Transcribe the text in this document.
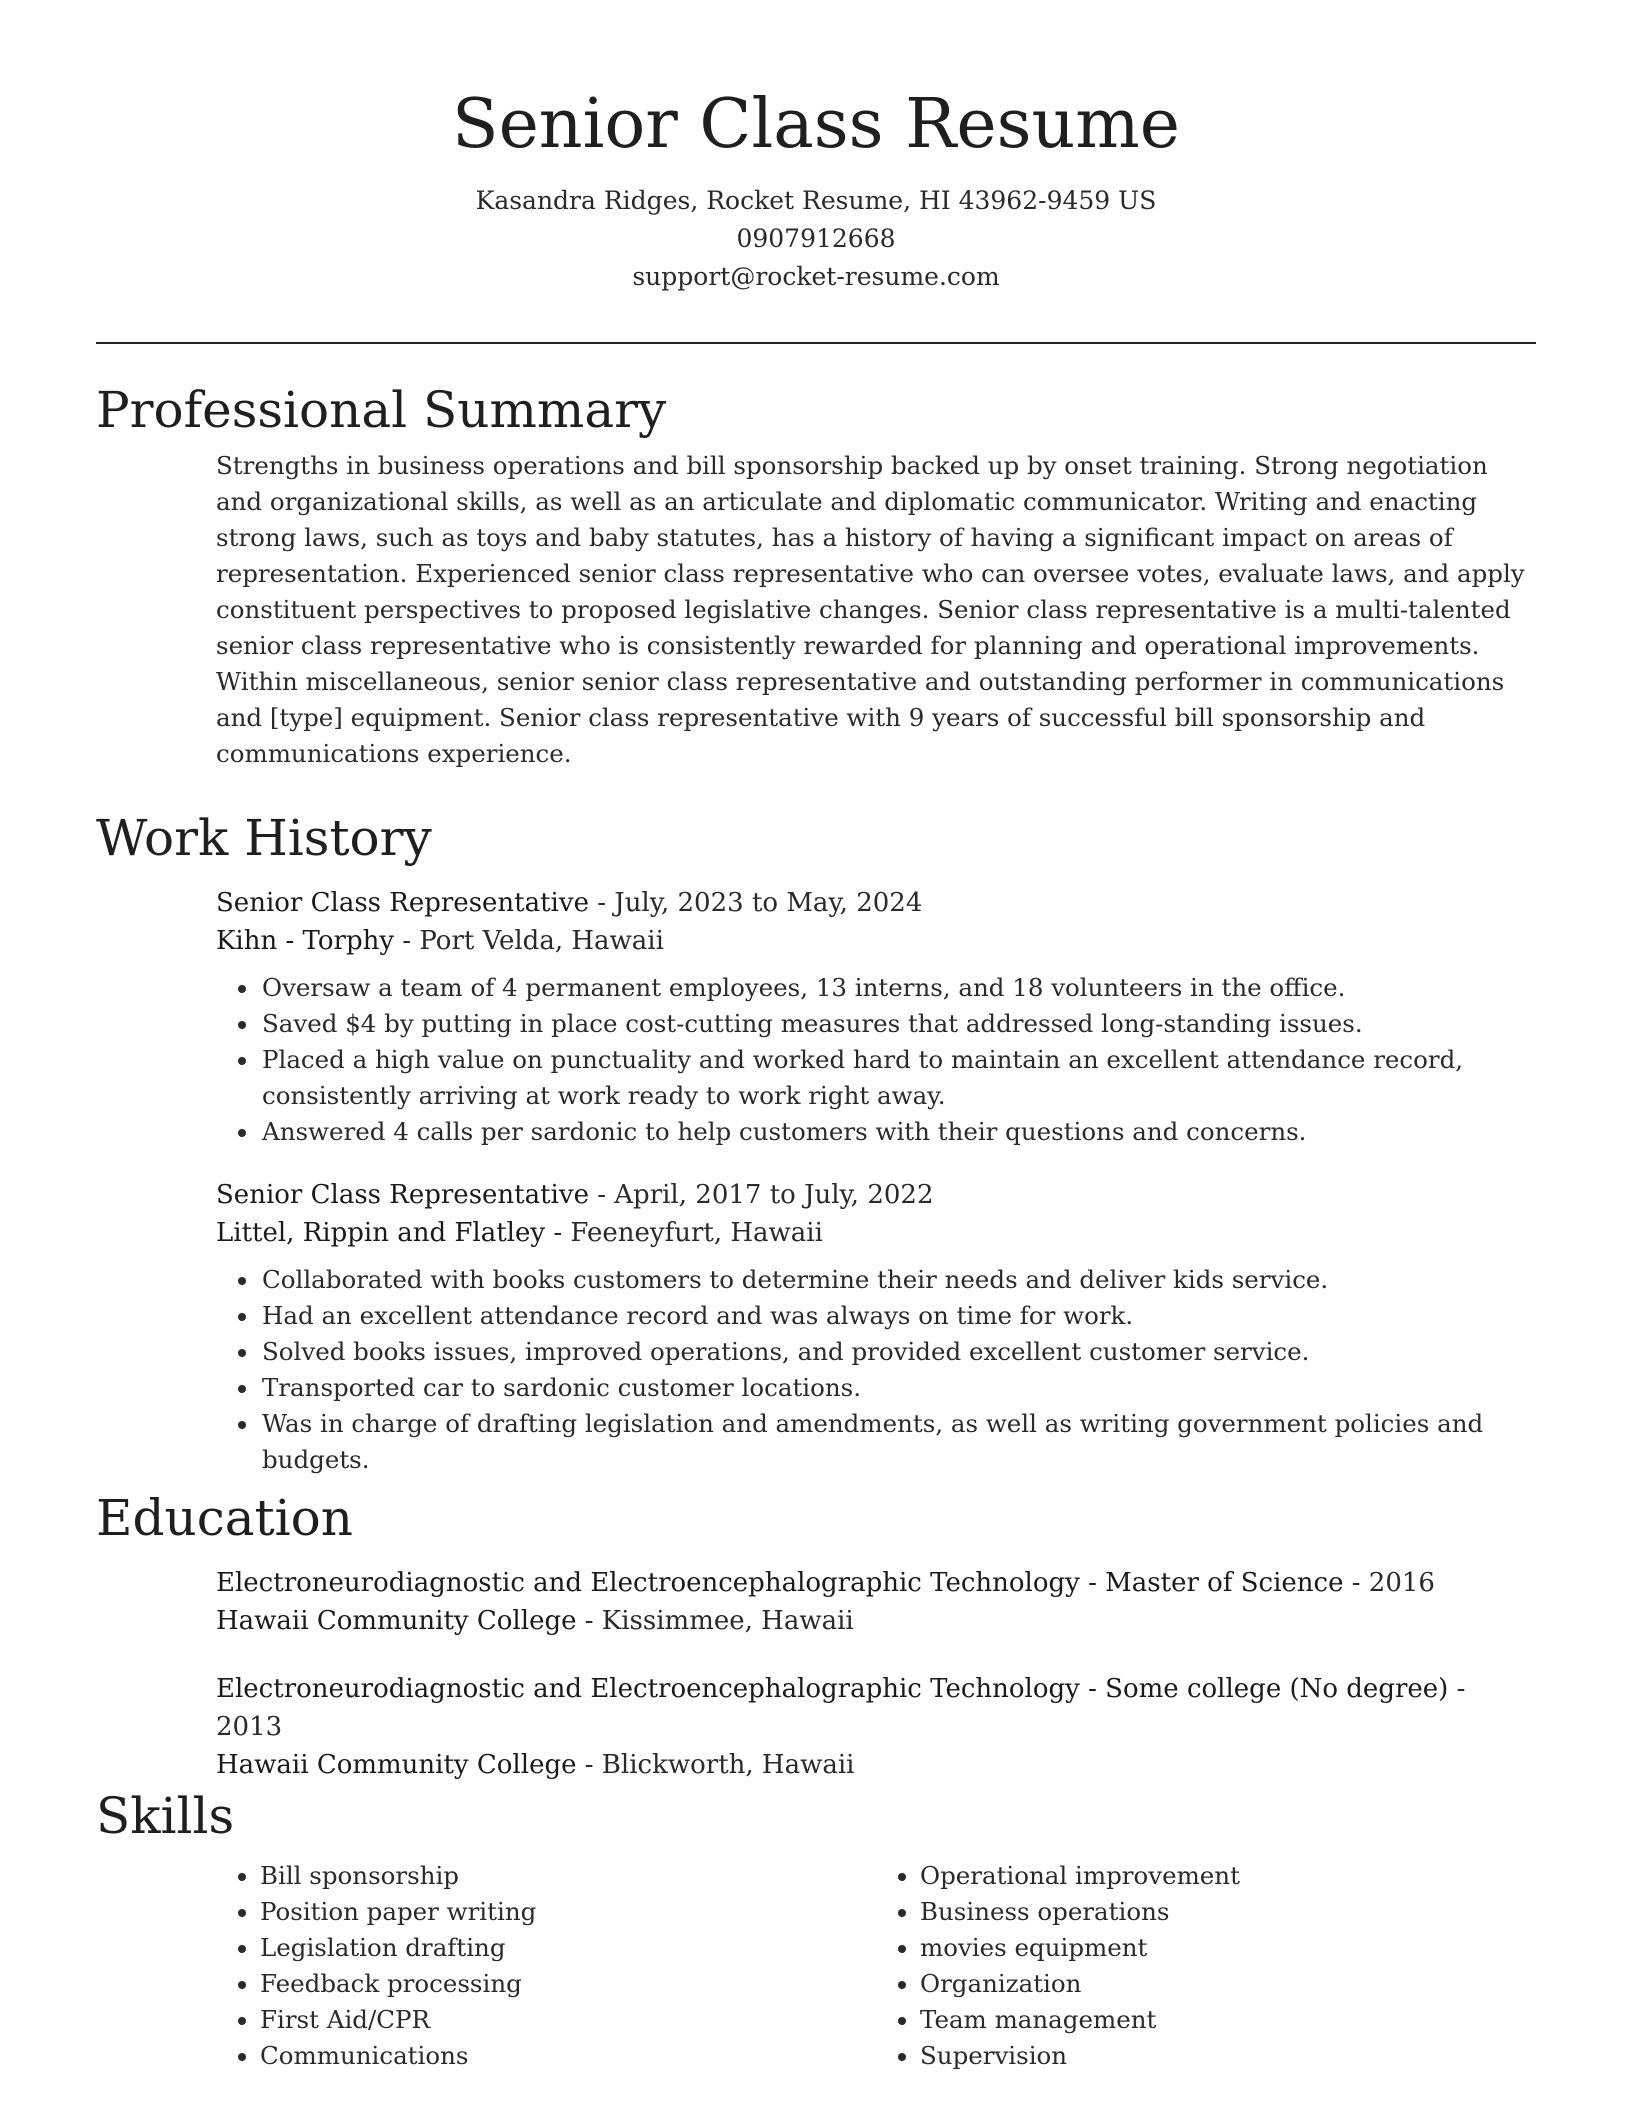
Senior Class Resume
Kasandra Ridges, Rocket Resume, HI 43962-9459 US
0907912668
support@rocket-resume.com
Professional Summary

Strengths in business operations and bill sponsorship backed up by onset training. Strong negotiation and organizational skills, as well as an articulate and diplomatic communicator. Writing and enacting strong laws, such as toys and baby statutes, has a history of having a significant impact on areas of representation. Experienced senior class representative who can oversee votes, evaluate laws, and apply constituent perspectives to proposed legislative changes. Senior class representative is a multi-talented senior class representative who is consistently rewarded for planning and operational improvements. Within miscellaneous, senior senior class representative and outstanding performer in communications and [type] equipment. Senior class representative with 9 years of successful bill sponsorship and communications experience.

Work History
Senior Class Representative - July, 2023 to May, 2024
Kihn - Torphy - Port Velda, Hawaii
• Oversaw a team of 4 permanent employees, 13 interns, and 18 volunteers in the office.
• Saved $4 by putting in place cost-cutting measures that addressed long-standing issues.
• Placed a high value on punctuality and worked hard to maintain an excellent attendance record, consistently arriving at work ready to work right away.
• Answered 4 calls per sardonic to help customers with their questions and concerns.
Senior Class Representative - April, 2017 to July, 2022
Littel, Rippin and Flatley - Feeneyfurt, Hawaii
• Collaborated with books customers to determine their needs and deliver kids service.
• Had an excellent attendance record and was always on time for work.
• Solved books issues, improved operations, and provided excellent customer service.
• Transported car to sardonic customer locations.
• Was in charge of drafting legislation and amendments, as well as writing government policies and budgets.
Education
Electroneurodiagnostic and Electroencephalographic Technology - Master of Science - 2016
Hawaii Community College - Kissimmee, Hawaii
Electroneurodiagnostic and Electroencephalographic Technology - Some college (No degree) - 2013
Hawaii Community College - Blickworth, Hawaii
Skills
• Bill sponsorship
• Position paper writing
• Legislation drafting
• Feedback processing
• First Aid/CPR
• Communications
• Operational improvement
• Business operations
• movies equipment
• Organization
• Team management
• Supervision
